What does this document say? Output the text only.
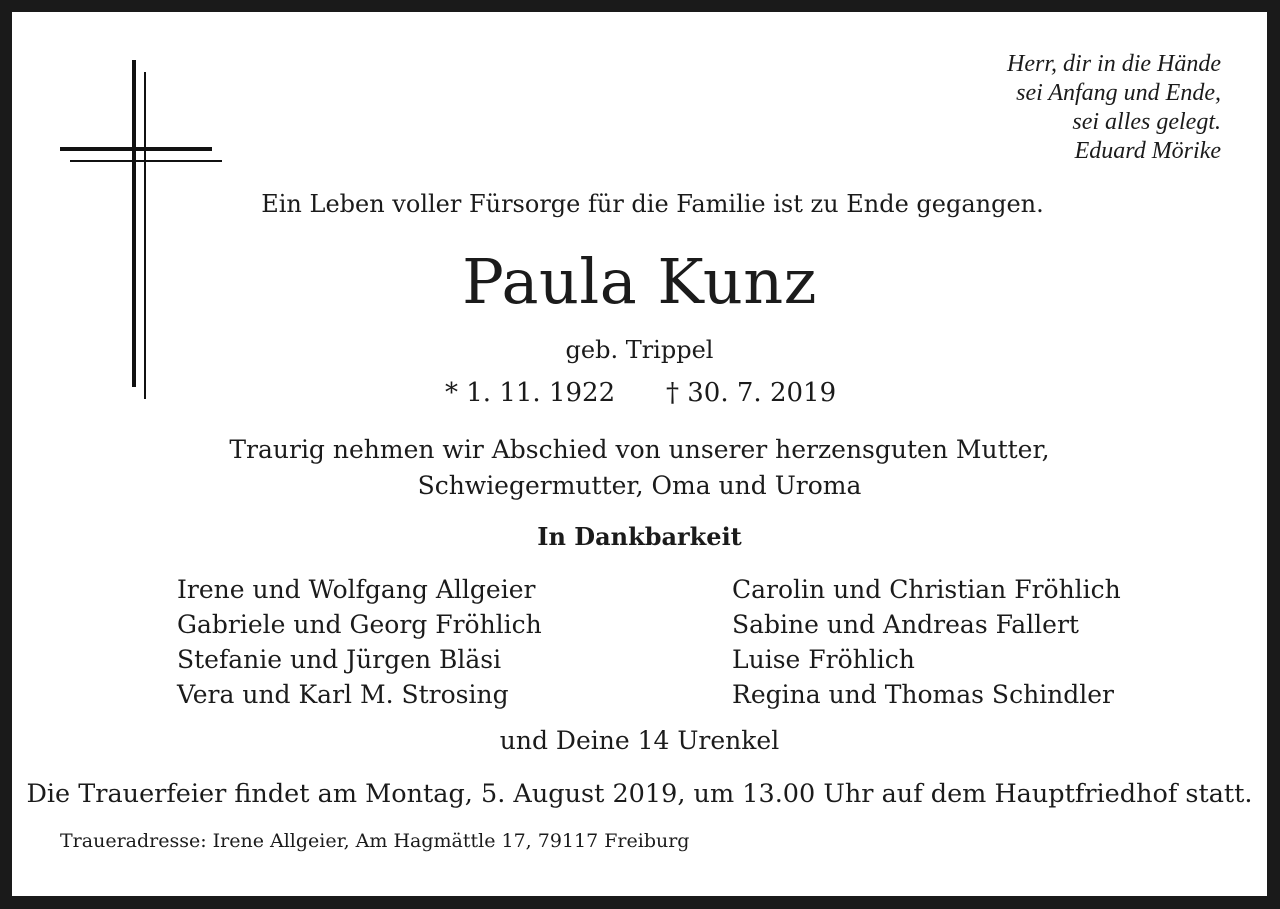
Herr, dir in die Hände
sei Anfang und Ende,
sei alles gelegt.
Eduard Mörike
Ein Leben voller Fürsorge für die Familie ist zu Ende gegangen.
Paula Kunz
geb. Trippel
* 1. 11. 1922 † 30. 7. 2019
Traurig nehmen wir Abschied von unserer herzensguten Mutter,
Schwiegermutter, Oma und Uroma
In Dankbarkeit
Irene und Wolfgang Allgeier
Gabriele und Georg Fröhlich
Stefanie und Jürgen Bläsi
Vera und Karl M. Strosing
Carolin und Christian Fröhlich
Sabine und Andreas Fallert
Luise Fröhlich
Regina und Thomas Schindler
und Deine 14 Urenkel
Die Trauerfeier findet am Montag, 5. August 2019, um 13.00 Uhr auf dem Hauptfriedhof statt.
Traueradresse: Irene Allgeier, Am Hagmättle 17, 79117 Freiburg
